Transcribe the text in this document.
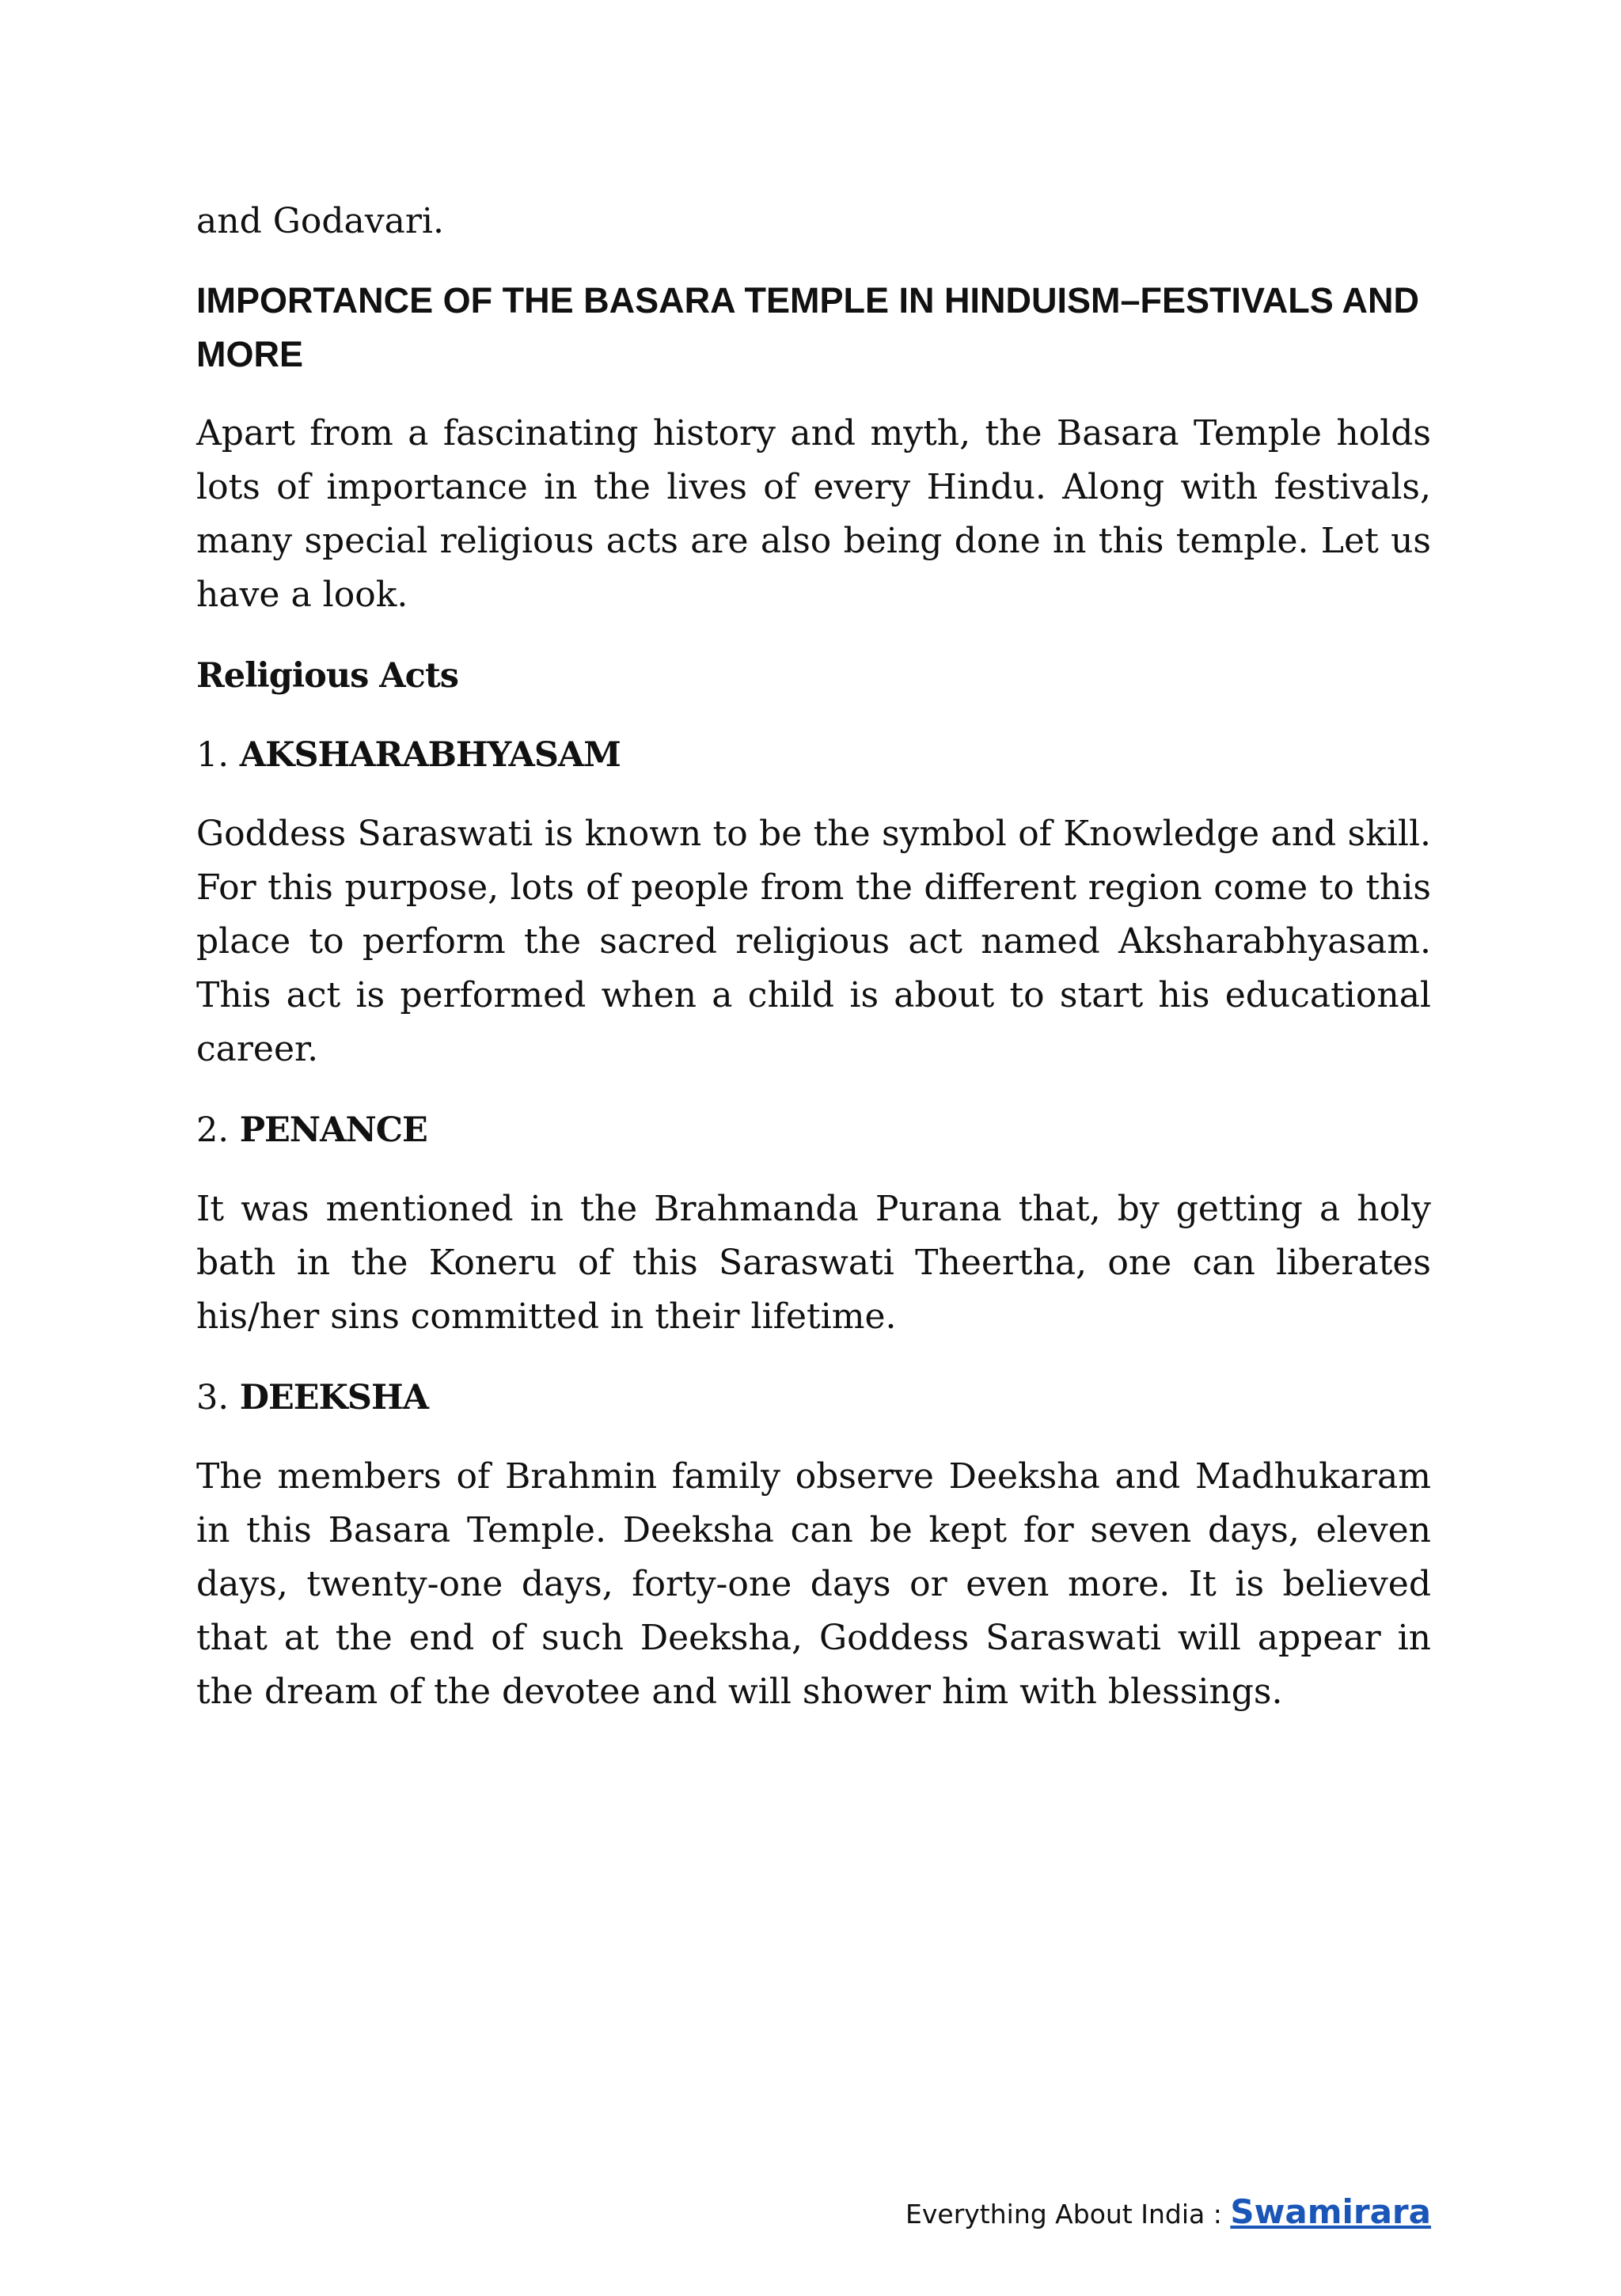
and Godavari.

IMPORTANCE OF THE BASARA TEMPLE IN HINDUISM–FESTIVALS AND MORE

Apart from a fascinating history and myth, the Basara Temple holds lots of importance in the lives of every Hindu. Along with festivals, many special religious acts are also being done in this temple. Let us have a look.

Religious Acts
1. AKSHARABHYASAM

Goddess Saraswati is known to be the symbol of Knowledge and skill. For this purpose, lots of people from the different region come to this place to perform the sacred religious act named Aksharabhyasam. This act is performed when a child is about to start his educational career.

2. PENANCE

It was mentioned in the Brahmanda Purana that, by getting a holy bath in the Koneru of this Saraswati Theertha, one can liberates his/her sins committed in their lifetime.

3. DEEKSHA

The members of Brahmin family observe Deeksha and Madhukaram in this Basara Temple. Deeksha can be kept for seven days, eleven days, twenty-one days, forty-one days or even more. It is believed that at the end of such Deeksha, Goddess Saraswati will appear in the dream of the devotee and will shower him with blessings.

Everything About India : Swamirara
